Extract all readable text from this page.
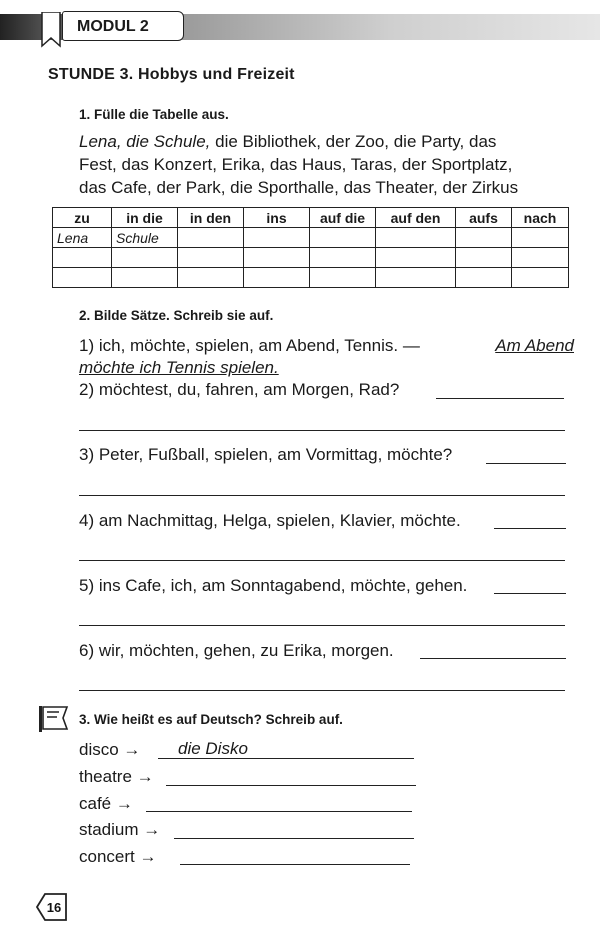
MODUL 2
STUNDE 3. Hobbys und Freizeit
1. Fülle die Tabelle aus.
Lena, die Schule, die Bibliothek, der Zoo, die Party, das
Fest, das Konzert, Erika, das Haus, Taras, der Sportplatz,
das Cafe, der Park, die Sporthalle, das Theater, der Zirkus
zu	in die	in den	ins	auf die	auf den	aufs	nach
Lena	Schule						

2. Bilde Sätze. Schreib sie auf.
1) ich, möchte, spielen, am Abend, Tennis. —	Am Abend
möchte ich Tennis spielen.
2) möchtest, du, fahren, am Morgen, Rad?
3) Peter, Fußball, spielen, am Vormittag, möchte?
4) am Nachmittag, Helga, spielen, Klavier, möchte.
5) ins Cafe, ich, am Sonntagabend, möchte, gehen.
6) wir, möchten, gehen, zu Erika, morgen.
3. Wie heißt es auf Deutsch? Schreib auf.
disco → die Disko
theatre →
café →
stadium →
concert →
16
